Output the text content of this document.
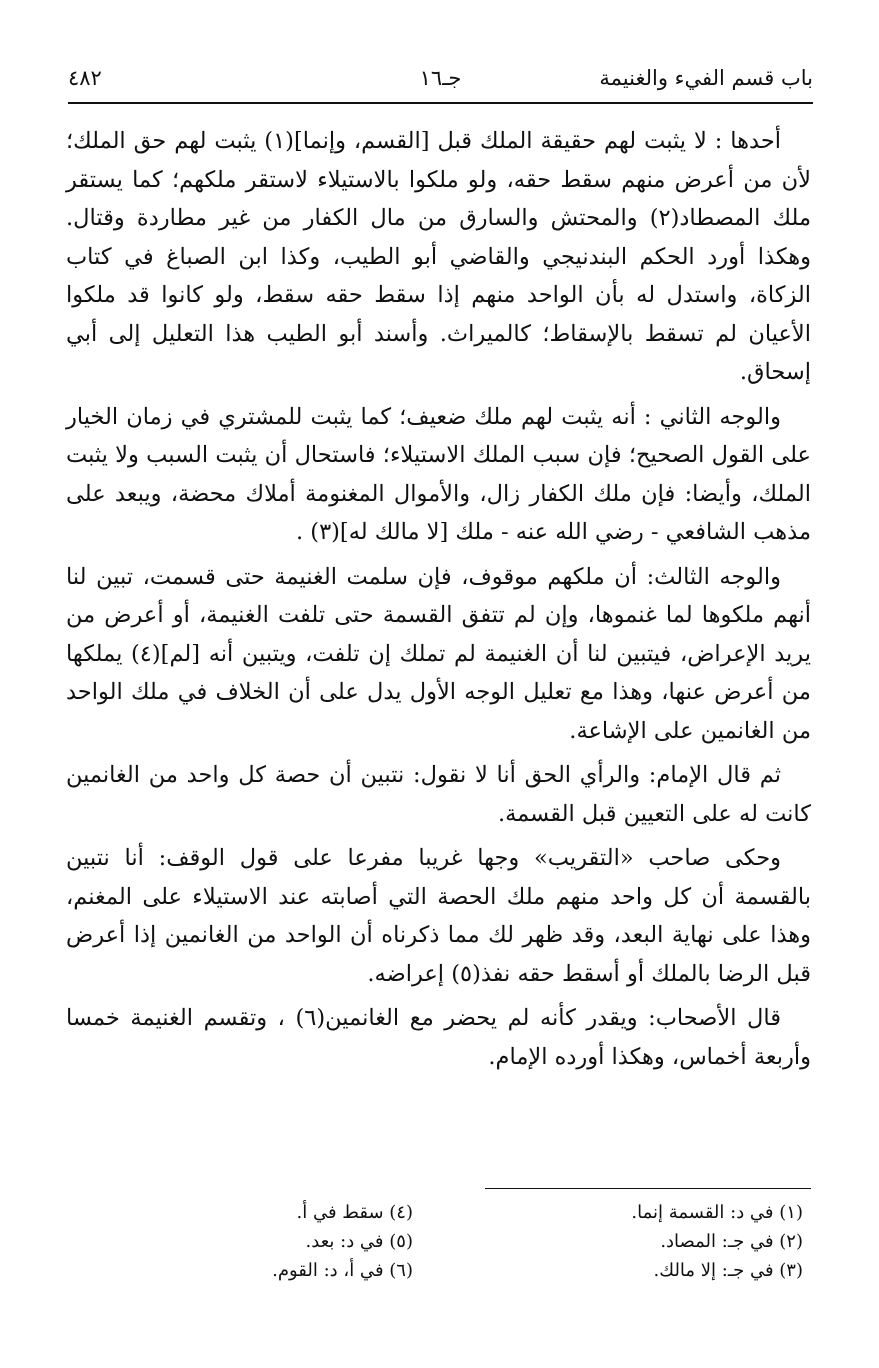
باب قسم الفيء والغنيمة
جـ١٦
٤٨٢

أحدها : لا يثبت لهم حقيقة الملك قبل [القسم، وإنما](١) يثبت لهم حق الملك؛ لأن من أعرض منهم سقط حقه، ولو ملكوا بالاستيلاء لاستقر ملكهم؛ كما يستقر ملك المصطاد(٢) والمحتش والسارق من مال الكفار من غير مطاردة وقتال. وهكذا أورد الحكم البندنيجي والقاضي أبو الطيب، وكذا ابن الصباغ في كتاب الزكاة، واستدل له بأن الواحد منهم إذا سقط حقه سقط، ولو كانوا قد ملكوا الأعيان لم تسقط بالإسقاط؛ كالميراث. وأسند أبو الطيب هذا التعليل إلى أبي إسحاق.

والوجه الثاني : أنه يثبت لهم ملك ضعيف؛ كما يثبت للمشتري في زمان الخيار على القول الصحيح؛ فإن سبب الملك الاستيلاء؛ فاستحال أن يثبت السبب ولا يثبت الملك، وأيضا: فإن ملك الكفار زال، والأموال المغنومة أملاك محضة، ويبعد على مذهب الشافعي - رضي الله عنه - ملك [لا مالك له](٣) .

والوجه الثالث: أن ملكهم موقوف، فإن سلمت الغنيمة حتى قسمت، تبين لنا أنهم ملكوها لما غنموها، وإن لم تتفق القسمة حتى تلفت الغنيمة، أو أعرض من يريد الإعراض، فيتبين لنا أن الغنيمة لم تملك إن تلفت، ويتبين أنه [لم](٤) يملكها من أعرض عنها، وهذا مع تعليل الوجه الأول يدل على أن الخلاف في ملك الواحد من الغانمين على الإشاعة.

ثم قال الإمام: والرأي الحق أنا لا نقول: نتبين أن حصة كل واحد من الغانمين كانت له على التعيين قبل القسمة.

وحكى صاحب «التقريب» وجها غريبا مفرعا على قول الوقف: أنا نتبين بالقسمة أن كل واحد منهم ملك الحصة التي أصابته عند الاستيلاء على المغنم، وهذا على نهاية البعد، وقد ظهر لك مما ذكرناه أن الواحد من الغانمين إذا أعرض قبل الرضا بالملك أو أسقط حقه نفذ(٥) إعراضه.

قال الأصحاب: ويقدر كأنه لم يحضر مع الغانمين(٦) ، وتقسم الغنيمة خمسا وأربعة أخماس، وهكذا أورده الإمام.

(١) في د: القسمة إنما.
(٢) في جـ: المصاد.
(٣) في جـ: إلا مالك.
(٤) سقط في أ.
(٥) في د: بعد.
(٦) في أ، د: القوم.
